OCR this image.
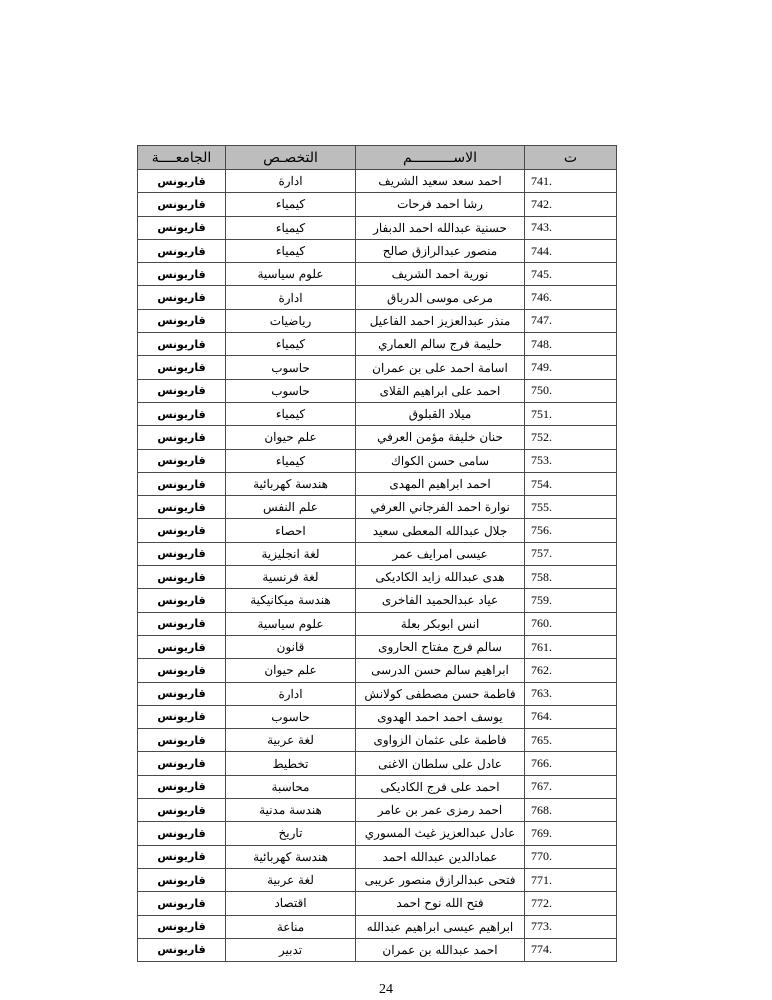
ت	الاســــــــــم	التخصـص	الجامعــــة
741.	احمد سعد سعيد الشريف	ادارة	قاريونس
742.	رشا احمد فرحات	كيمياء	قاريونس
743.	حسنية عبدالله احمد الدبفار	كيمياء	قاريونس
744.	منصور عبدالرازق صالح	كيمياء	قاريونس
745.	نورية احمد الشريف	علوم سياسية	قاريونس
746.	مرعى موسى الدرباق	ادارة	قاريونس
747.	منذر عبدالعزيز احمد الفاعيل	رياضيات	قاريونس
748.	حليمة فرج سالم العماري	كيمياء	قاريونس
749.	اسامة احمد على بن عمران	حاسوب	قاريونس
750.	احمد على ابراهيم القلاى	حاسوب	قاريونس
751.	ميلاد القبلوق	كيمياء	قاريونس
752.	حنان خليفة مؤمن العرفي	علم حيوان	قاريونس
753.	سامى حسن الكواك	كيمياء	قاريونس
754.	احمد ابراهيم المهدى	هندسة كهربائية	قاريونس
755.	نوارة احمد الفرجاني العرفي	علم النفس	قاريونس
756.	جلال عبدالله المعطى سعيد	احصاء	قاريونس
757.	عيسى امرايف عمر	لغة انجليزية	قاريونس
758.	هدى عبدالله زايد الكاديكى	لغة فرنسية	قاريونس
759.	عياد عبدالحميد الفاخرى	هندسة ميكانيكية	قاريونس
760.	انس ابوبكر بعلة	علوم سياسية	قاريونس
761.	سالم فرج مفتاح الحاروى	قانون	قاريونس
762.	ابراهيم سالم حسن الدرسى	علم حيوان	قاريونس
763.	فاطمة حسن مصطفى كولانش	ادارة	قاريونس
764.	يوسف احمد احمد الهدوى	حاسوب	قاريونس
765.	فاطمة على عثمان الزواوى	لغة عربية	قاريونس
766.	عادل على سلطان الاغنى	تخطيط	قاريونس
767.	احمد على فرج الكاديكى	محاسبة	قاريونس
768.	احمد رمزى عمر بن عامر	هندسة مدنية	قاريونس
769.	عادل عبدالعزيز غيث المسوري	تاريخ	قاريونس
770.	عمادالدين عبدالله احمد	هندسة كهربائية	قاريونس
771.	فتحى عبدالرازق منصور عريبى	لغة عربية	قاريونس
772.	فتح الله نوح احمد	اقتصاد	قاريونس
773.	ابراهيم عيسى ابراهيم عبدالله	مناعة	قاريونس
774.	احمد عبدالله بن عمران	تدبير	قاريونس
24
